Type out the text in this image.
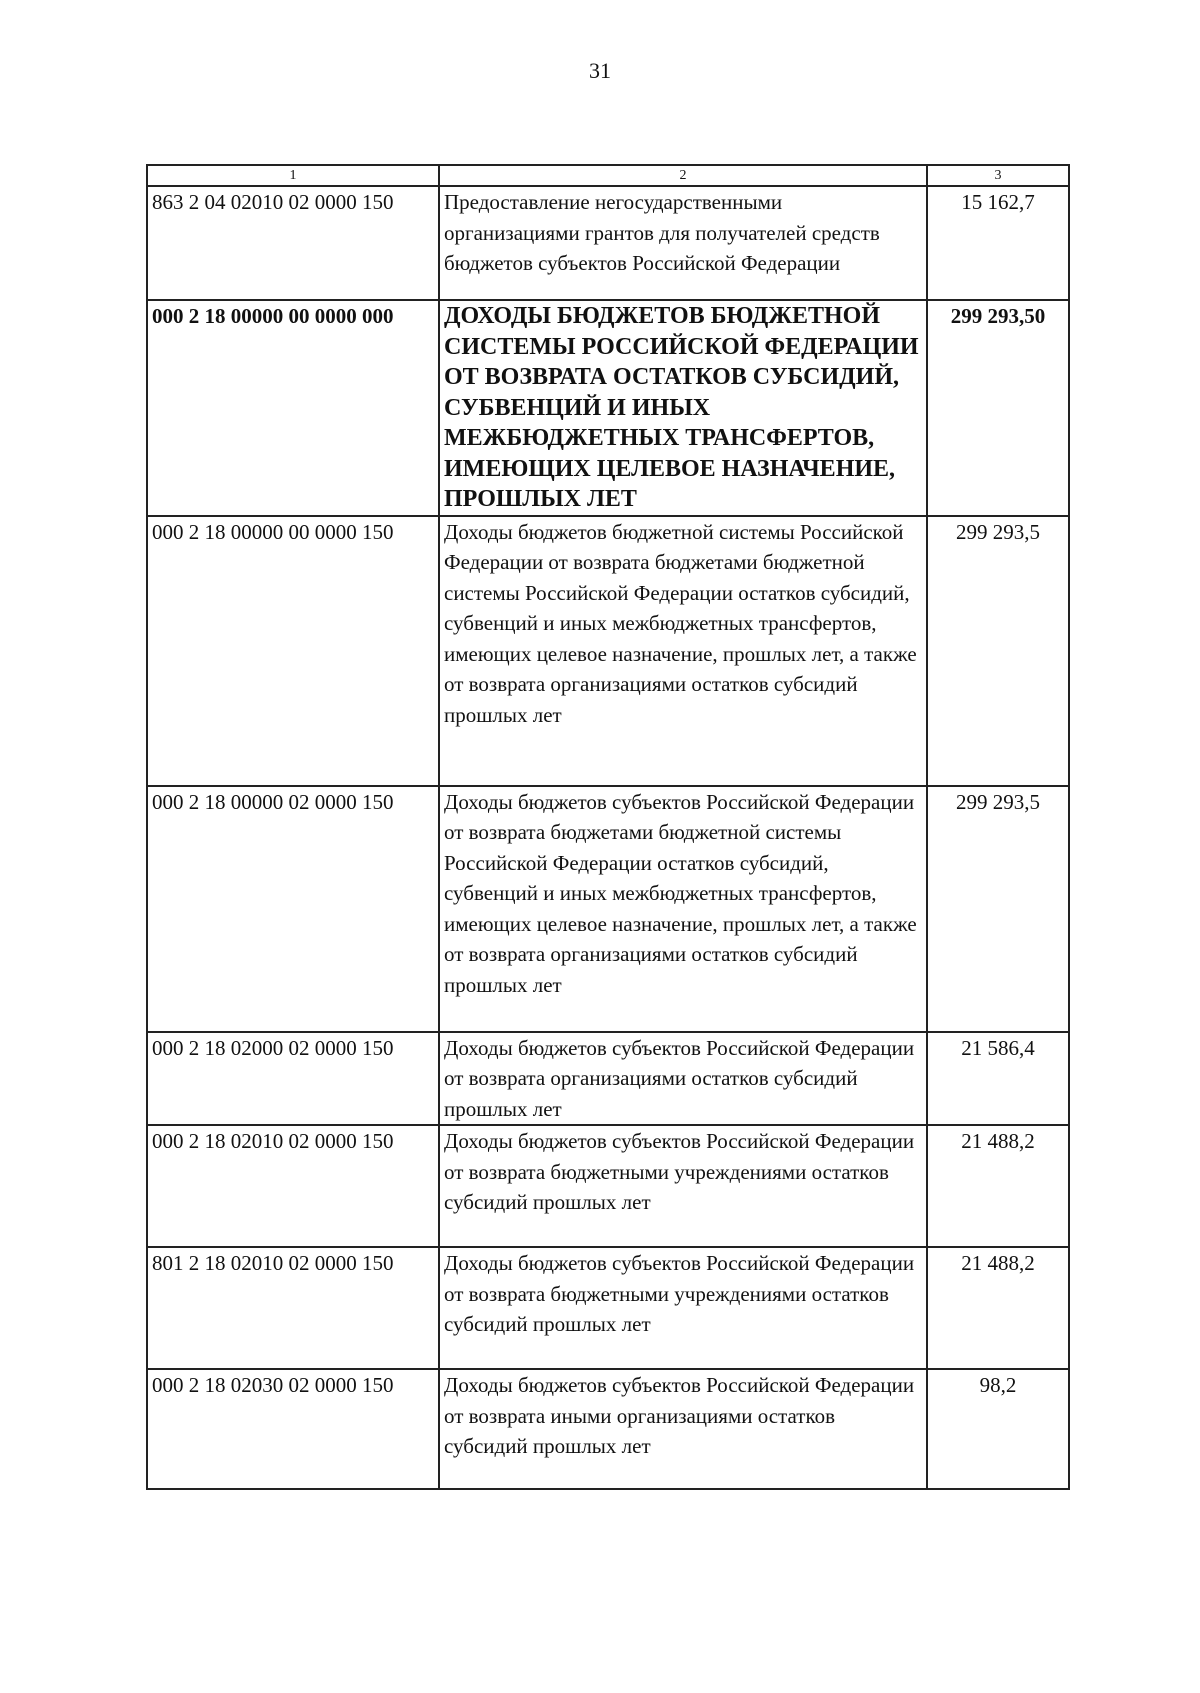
31
1	2	3
863 2 04 02010 02 0000 150	Предоставление негосударственными организациями грантов для получателей средств бюджетов субъектов Российской Федерации	15 162,7
000 2 18 00000 00 0000 000	ДОХОДЫ БЮДЖЕТОВ БЮДЖЕТНОЙ СИСТЕМЫ РОССИЙСКОЙ ФЕДЕРАЦИИ ОТ ВОЗВРАТА ОСТАТКОВ СУБСИДИЙ, СУБВЕНЦИЙ И ИНЫХ МЕЖБЮДЖЕТНЫХ ТРАНСФЕРТОВ, ИМЕЮЩИХ ЦЕЛЕВОЕ НАЗНАЧЕНИЕ, ПРОШЛЫХ ЛЕТ	299 293,50
000 2 18 00000 00 0000 150	Доходы бюджетов бюджетной системы Российской Федерации от возврата бюджетами бюджетной системы Российской Федерации остатков субсидий, субвенций и иных межбюджетных трансфертов, имеющих целевое назначение, прошлых лет, а также от возврата организациями остатков субсидий прошлых лет	299 293,5
000 2 18 00000 02 0000 150	Доходы бюджетов субъектов Российской Федерации от возврата бюджетами бюджетной системы Российской Федерации остатков субсидий, субвенций и иных межбюджетных трансфертов, имеющих целевое назначение, прошлых лет, а также от возврата организациями остатков субсидий прошлых лет	299 293,5
000 2 18 02000 02 0000 150	Доходы бюджетов субъектов Российской Федерации от возврата организациями остатков субсидий прошлых лет	21 586,4
000 2 18 02010 02 0000 150	Доходы бюджетов субъектов Российской Федерации от возврата бюджетными учреждениями остатков субсидий прошлых лет	21 488,2
801 2 18 02010 02 0000 150	Доходы бюджетов субъектов Российской Федерации от возврата бюджетными учреждениями остатков субсидий прошлых лет	21 488,2
000 2 18 02030 02 0000 150	Доходы бюджетов субъектов Российской Федерации от возврата иными организациями остатков субсидий прошлых лет	98,2
